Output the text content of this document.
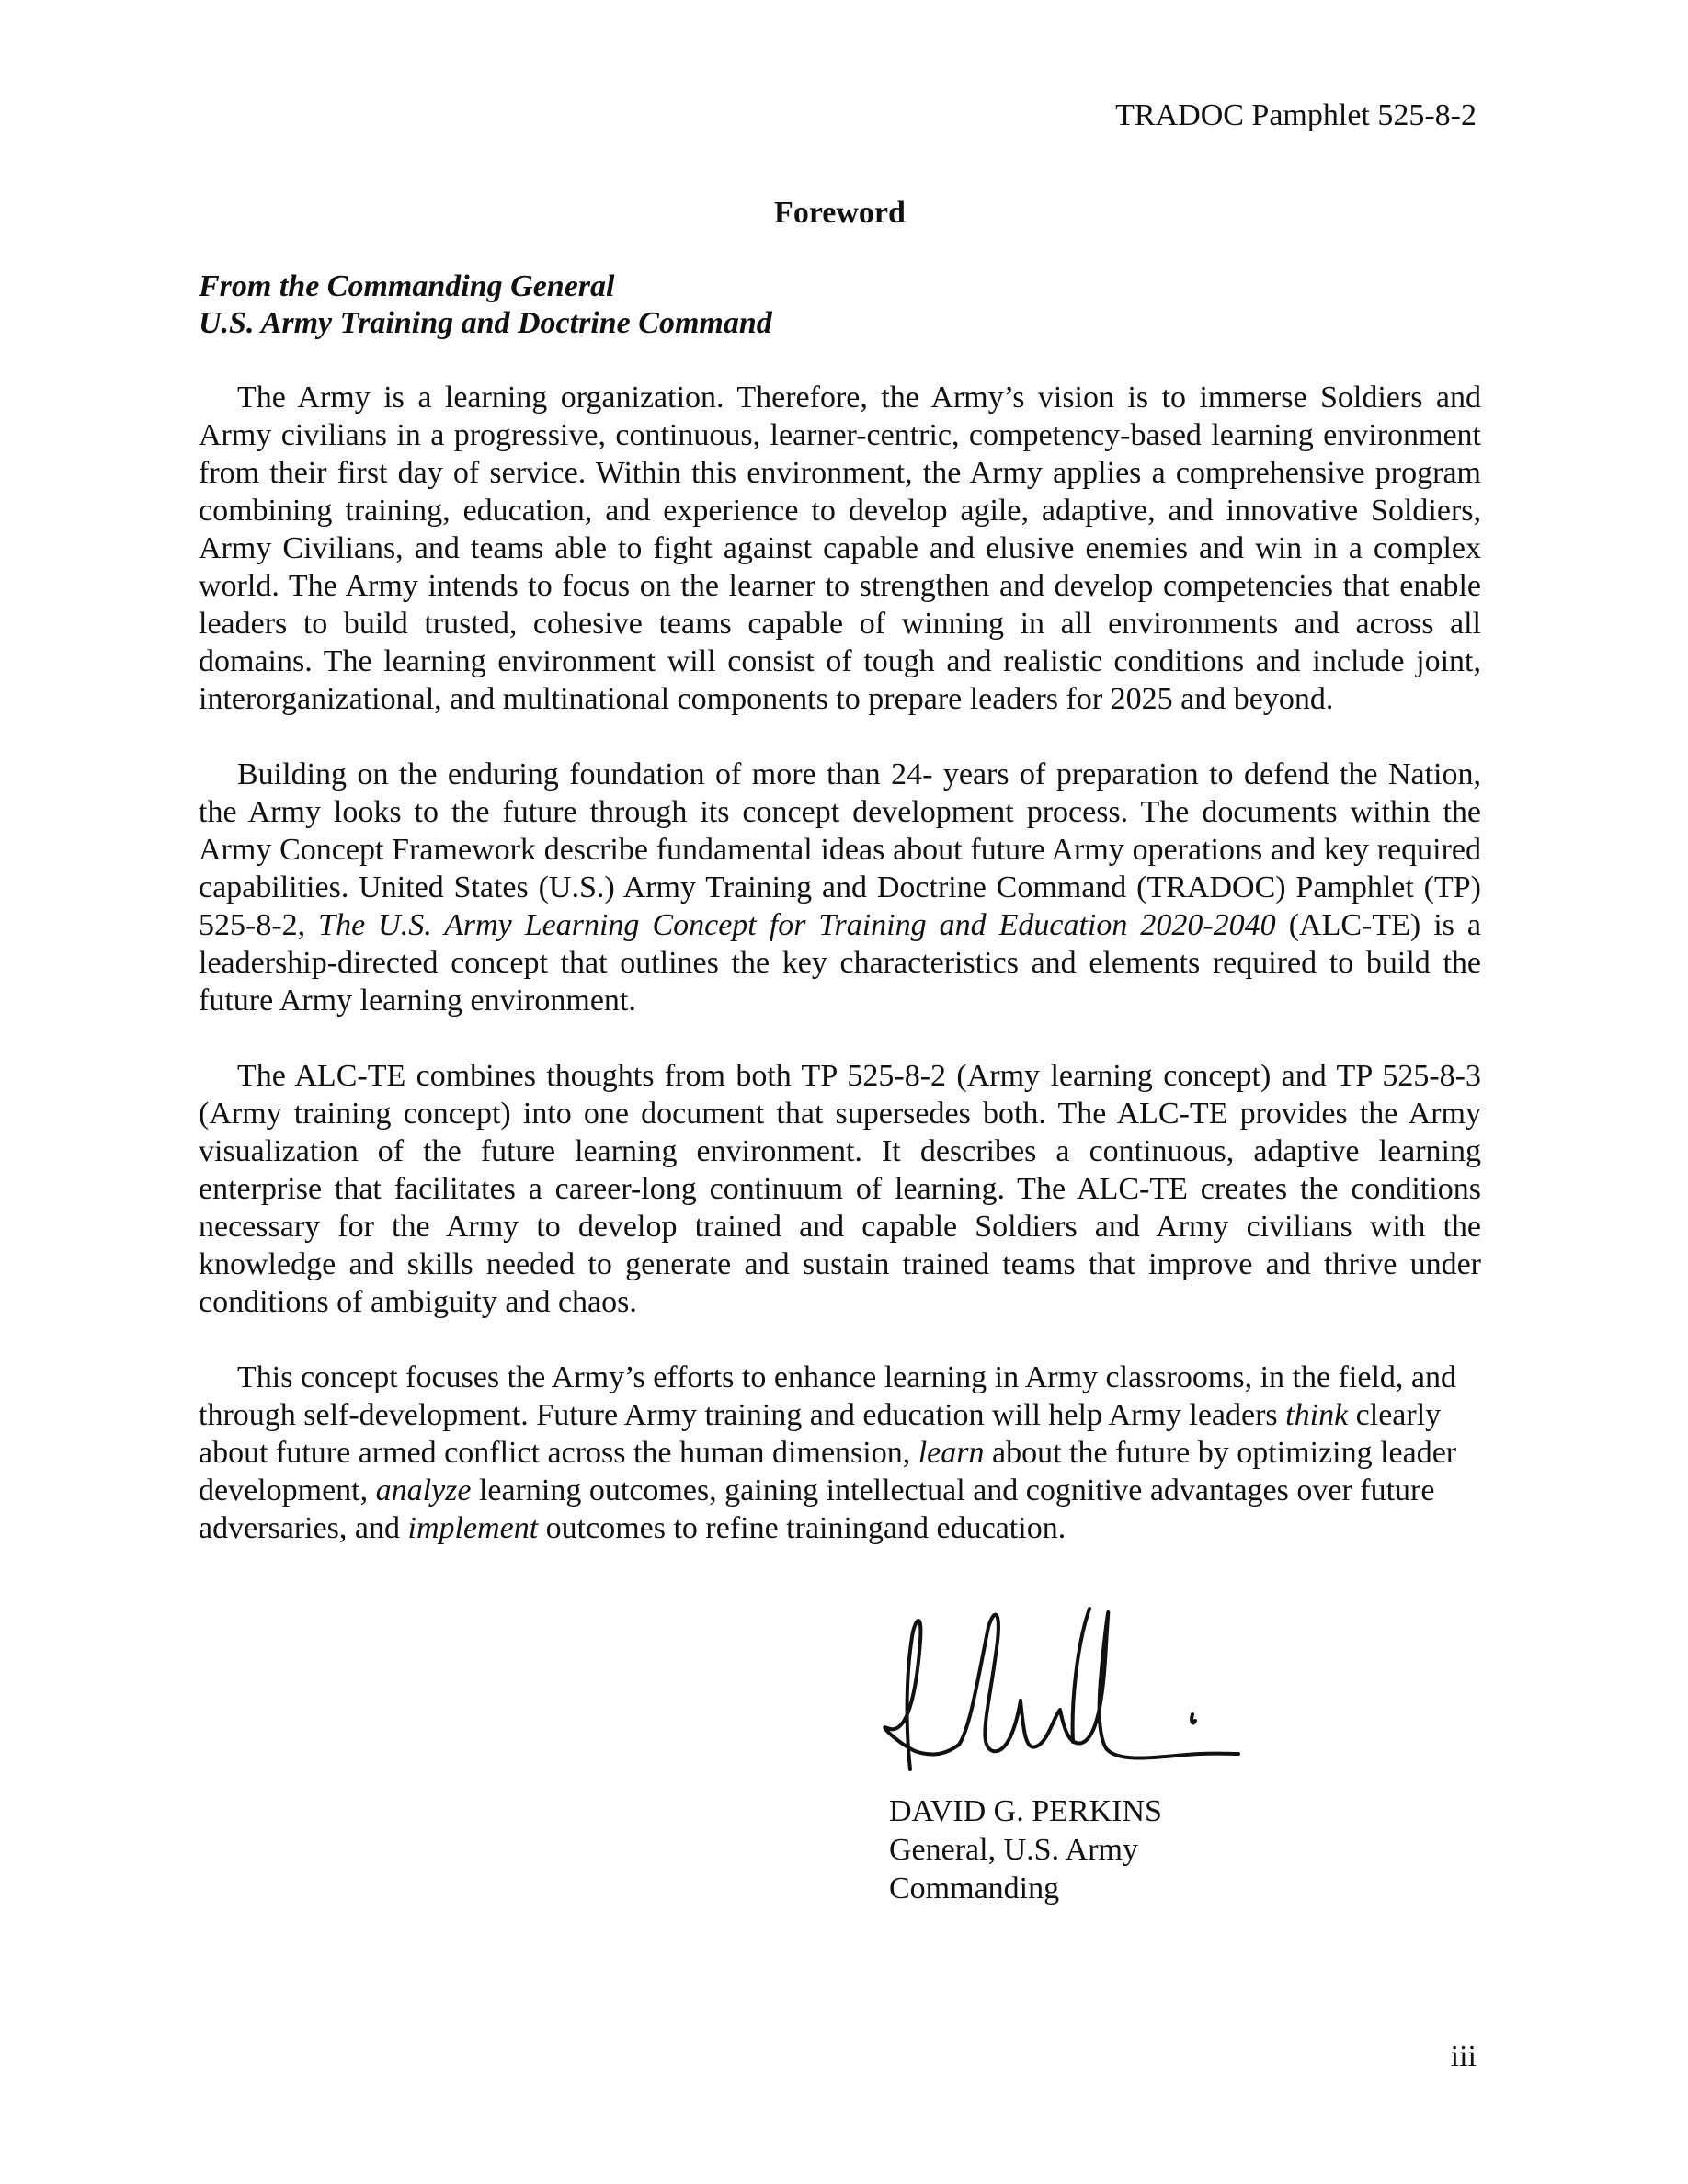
TRADOC Pamphlet 525-8-2
Foreword
From the Commanding General
U.S. Army Training and Doctrine Command

The Army is a learning organization. Therefore, the Army’s vision is to immerse Soldiers and Army civilians in a progressive, continuous, learner-centric, competency-based learning environment from their first day of service. Within this environment, the Army applies a comprehensive program combining training, education, and experience to develop agile, adaptive, and innovative Soldiers, Army Civilians, and teams able to fight against capable and elusive enemies and win in a complex world. The Army intends to focus on the learner to strengthen and develop competencies that enable leaders to build trusted, cohesive teams capable of winning in all environments and across all domains. The learning environment will consist of tough and realistic conditions and include joint, interorganizational, and multinational components to prepare leaders for 2025 and beyond.

Building on the enduring foundation of more than 24- years of preparation to defend the Nation, the Army looks to the future through its concept development process. The documents within the Army Concept Framework describe fundamental ideas about future Army operations and key required capabilities. United States (U.S.) Army Training and Doctrine Command (TRADOC) Pamphlet (TP) 525-8-2, The U.S. Army Learning Concept for Training and Education 2020-2040 (ALC-TE) is a leadership-directed concept that outlines the key characteristics and elements required to build the future Army learning environment.

The ALC-TE combines thoughts from both TP 525-8-2 (Army learning concept) and TP 525-8-3 (Army training concept) into one document that supersedes both. The ALC-TE provides the Army visualization of the future learning environment. It describes a continuous, adaptive learning enterprise that facilitates a career-long continuum of learning. The ALC-TE creates the conditions necessary for the Army to develop trained and capable Soldiers and Army civilians with the knowledge and skills needed to generate and sustain trained teams that improve and thrive under conditions of ambiguity and chaos.

This concept focuses the Army’s efforts to enhance learning in Army classrooms, in the field, and through self-development. Future Army training and education will help Army leaders think clearly about future armed conflict across the human dimension, learn about the future by optimizing leader development, analyze learning outcomes, gaining intellectual and cognitive advantages over future adversaries, and implement outcomes to refine trainingand education.

DAVID G. PERKINS
General, U.S. Army
Commanding
iii
